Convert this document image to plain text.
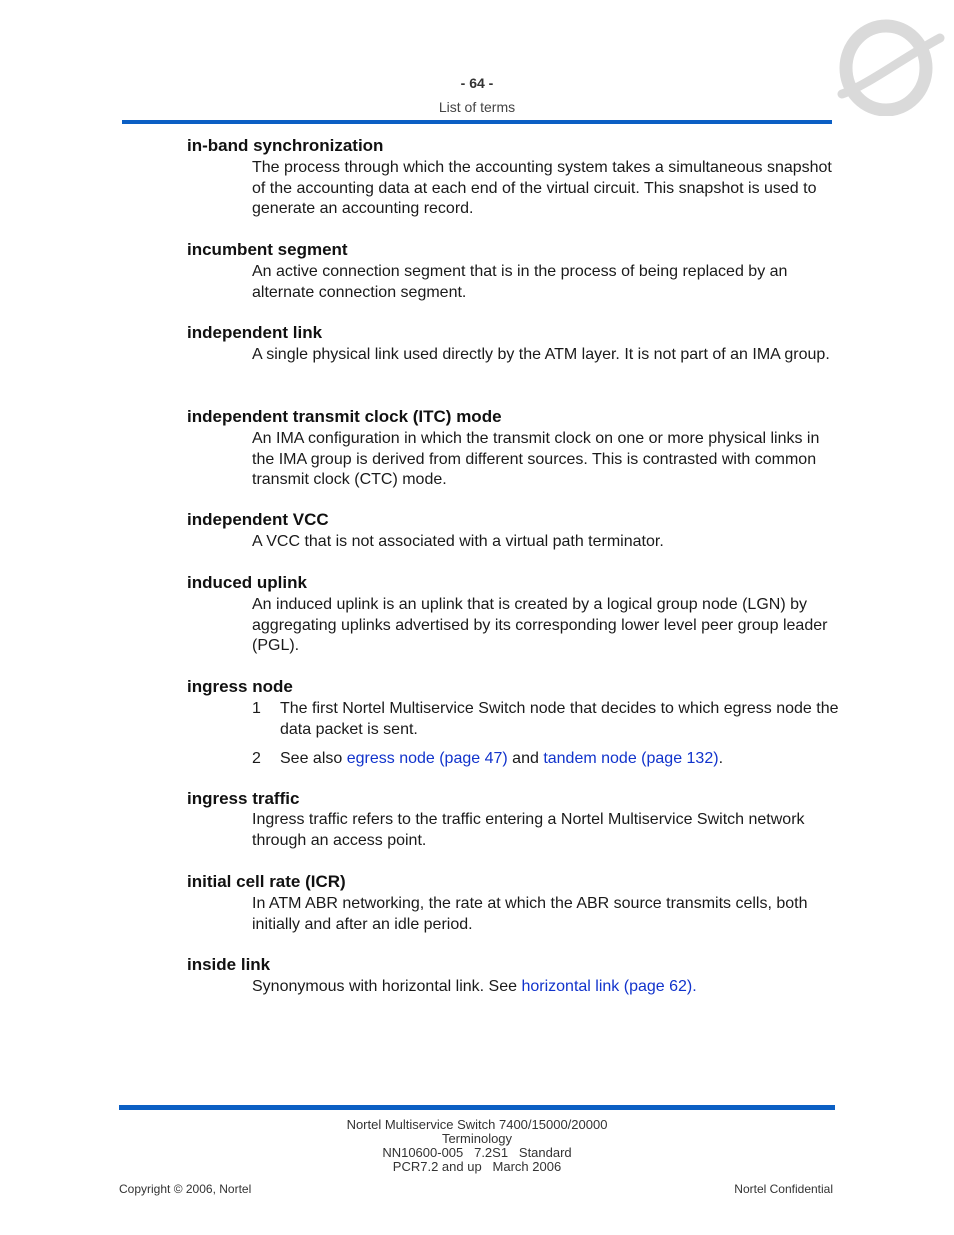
- 64 -
List of terms
in-band synchronization

The process through which the accounting system takes a simultaneous snapshot of the accounting data at each end of the virtual circuit. This snapshot is used to generate an accounting record.

incumbent segment

An active connection segment that is in the process of being replaced by an alternate connection segment.

independent link

A single physical link used directly by the ATM layer. It is not part of an IMA group.

independent transmit clock (ITC) mode

An IMA configuration in which the transmit clock on one or more physical links in the IMA group is derived from different sources. This is contrasted with common transmit clock (CTC) mode.

independent VCC

A VCC that is not associated with a virtual path terminator.

induced uplink

An induced uplink is an uplink that is created by a logical group node (LGN) by aggregating uplinks advertised by its corresponding lower level peer group leader (PGL).

ingress node
1 The first Nortel Multiservice Switch node that decides to which egress node the data packet is sent.
2 See also egress node (page 47) and tandem node (page 132).
ingress traffic

Ingress traffic refers to the traffic entering a Nortel Multiservice Switch network through an access point.

initial cell rate (ICR)

In ATM ABR networking, the rate at which the ABR source transmits cells, both initially and after an idle period.

inside link

Synonymous with horizontal link. See horizontal link (page 62).

Nortel Multiservice Switch 7400/15000/20000
Terminology
NN10600-005   7.2S1   Standard
PCR7.2 and up   March 2006
Copyright © 2006, Nortel	Nortel Confidential
